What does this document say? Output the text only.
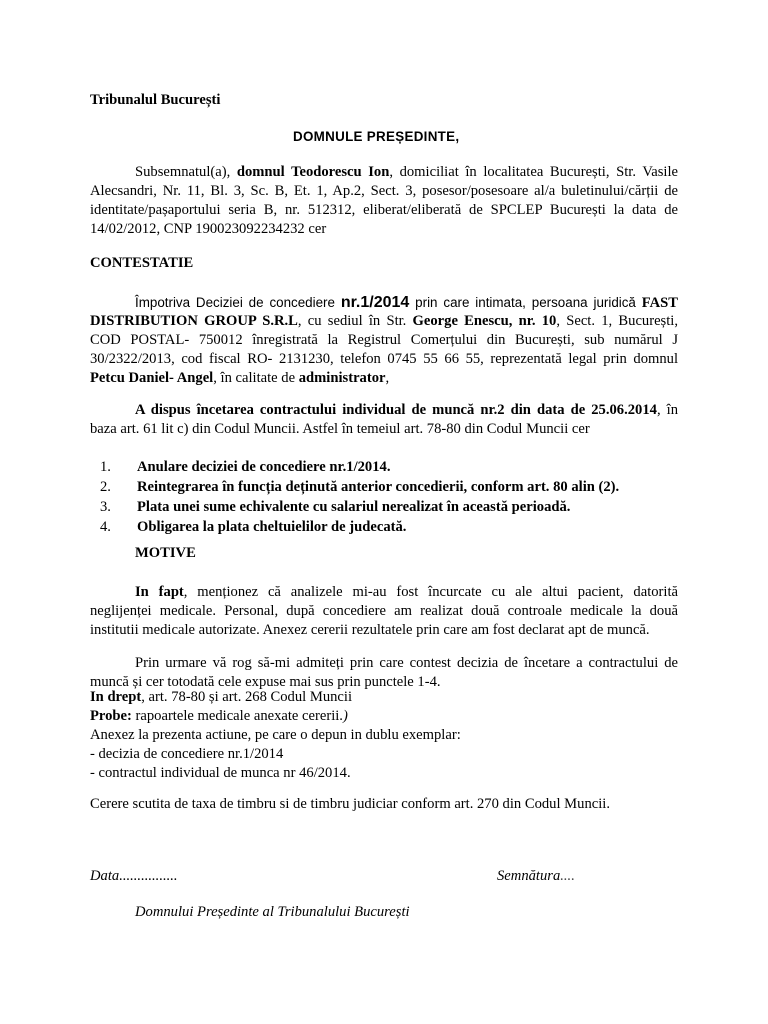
Tribunalul București
DOMNULE PREȘEDINTE,
Subsemnatul(a), domnul Teodorescu Ion, domiciliat în localitatea București, Str. Vasile
Alecsandri, Nr. 11, Bl. 3, Sc. B, Et. 1, Ap.2, Sect. 3, posesor/posesoare al/a buletinului/cărții de
identitate/pașaportului seria B, nr. 512312, eliberat/eliberată de SPCLEP București la data de
14/02/2012, CNP 190023092234232 cer
CONTESTATIE
Împotriva Deciziei de concediere nr.1/2014 prin care intimata, persoana juridică FAST
DISTRIBUTION GROUP S.R.L, cu sediul în Str. George Enescu, nr. 10, Sect. 1, București,
COD POSTAL- 750012 înregistrată la Registrul Comerțului din București, sub numărul J
30/2322/2013, cod fiscal RO- 2131230, telefon 0745 55 66 55, reprezentată legal prin domnul
Petcu Daniel- Angel, în calitate de administrator,
A dispus încetarea contractului individual de muncă nr.2 din data de 25.06.2014, în
baza art. 61 lit c) din Codul Muncii. Astfel în temeiul art. 78-80 din Codul Muncii cer
1. Anulare deciziei de concediere nr.1/2014.
2. Reintegrarea în funcția deținută anterior concedierii, conform art. 80 alin (2).
3. Plata unei sume echivalente cu salariul nerealizat în această perioadă.
4. Obligarea la plata cheltuielilor de judecată.
MOTIVE
In fapt, menționez că analizele mi-au fost încurcate cu ale altui pacient, datorită
neglijenței medicale. Personal, după concediere am realizat două controale medicale la două
institutii medicale autorizate. Anexez cererii rezultatele prin care am fost declarat apt de muncă.
Prin urmare vă rog să-mi admiteți prin care contest decizia de încetare a contractului de
muncă și cer totodată cele expuse mai sus prin punctele 1-4.
In drept, art. 78-80 și art. 268 Codul Muncii
Probe: rapoartele medicale anexate cererii.)
Anexez la prezenta actiune, pe care o depun in dublu exemplar:
- decizia de concediere nr.1/2014
- contractul individual de munca nr 46/2014.
Cerere scutita de taxa de timbru si de timbru judiciar conform art. 270 din Codul Muncii.
Data................	Semnătura....
Domnului Președinte al Tribunalului București
